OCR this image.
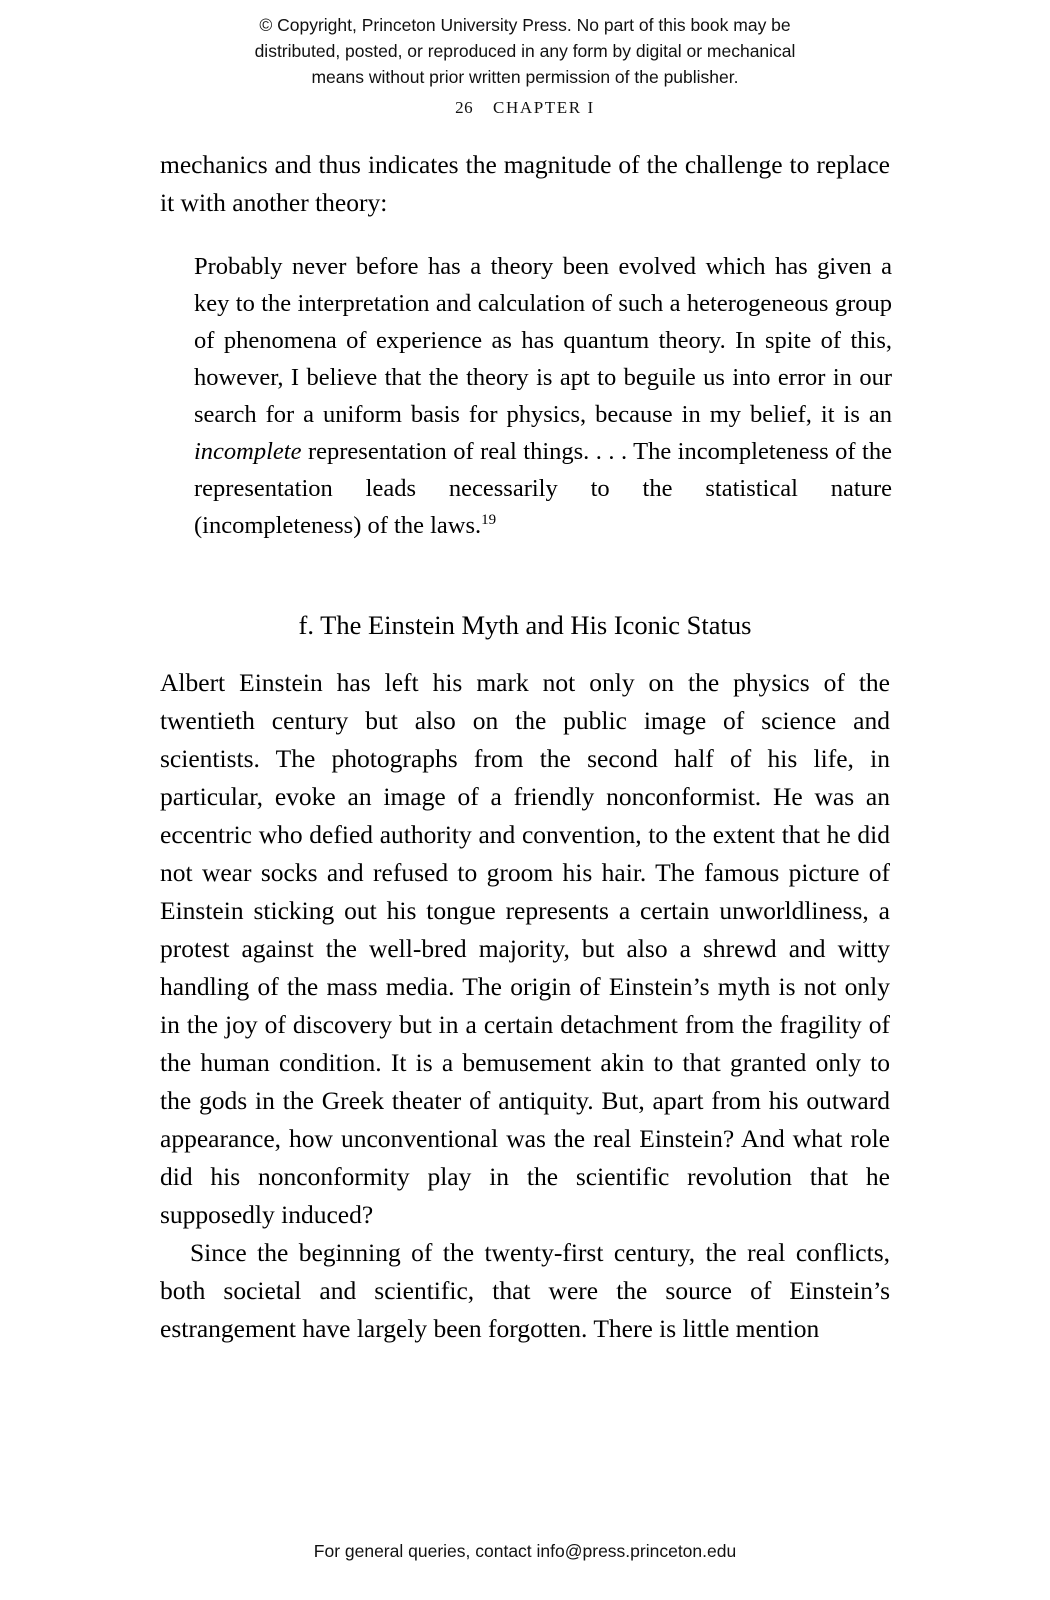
© Copyright, Princeton University Press. No part of this book may be
distributed, posted, or reproduced in any form by digital or mechanical
means without prior written permission of the publisher.
26 CHAPTER I

mechanics and thus indicates the magnitude of the challenge to replace it with another theory:

Probably never before has a theory been evolved which has given a key to the interpretation and calculation of such a heterogeneous group of phenomena of experience as has quantum theory. In spite of this, however, I believe that the theory is apt to beguile us into error in our search for a uniform basis for physics, because in my belief, it is an incomplete representation of real things. . . . The incompleteness of the representation leads necessarily to the statistical nature (incompleteness) of the laws.$^{19}$

f. The Einstein Myth and His Iconic Status

Albert Einstein has left his mark not only on the physics of the twentieth century but also on the public image of science and scientists. The photographs from the second half of his life, in particular, evoke an image of a friendly nonconformist. He was an eccentric who defied authority and convention, to the extent that he did not wear socks and refused to groom his hair. The famous picture of Einstein sticking out his tongue represents a certain unworldliness, a protest against the well-bred majority, but also a shrewd and witty handling of the mass media. The origin of Einstein’s myth is not only in the joy of discovery but in a certain detachment from the fragility of the human condition. It is a bemusement akin to that granted only to the gods in the Greek theater of antiquity. But, apart from his outward appearance, how unconventional was the real Einstein? And what role did his nonconformity play in the scientific revolution that he supposedly induced?

Since the beginning of the twenty-first century, the real conflicts, both societal and scientific, that were the source of Einstein’s estrangement have largely been forgotten. There is little mention

For general queries, contact info@press.princeton.edu
